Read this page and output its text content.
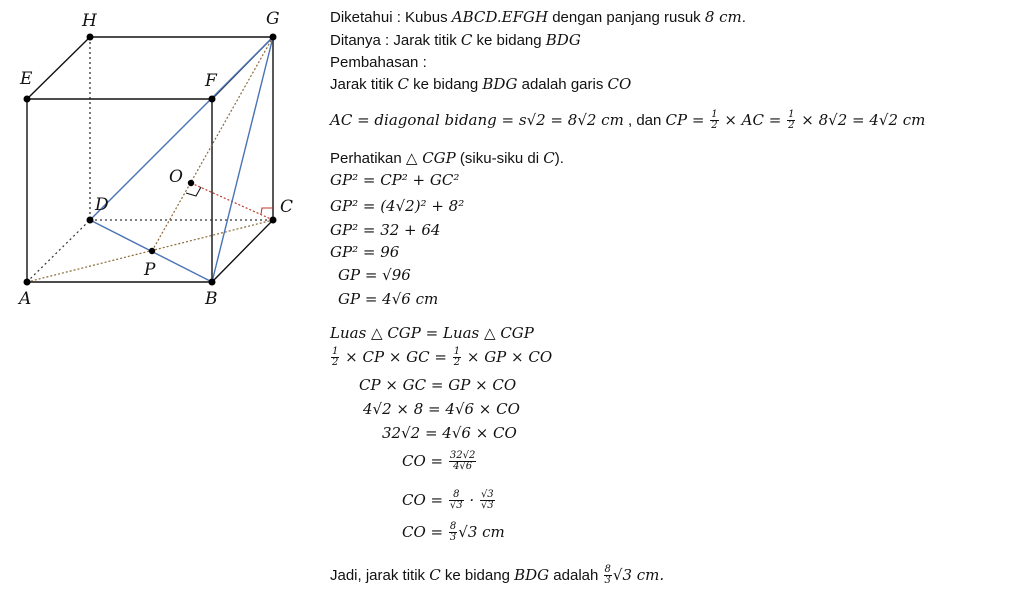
H	G
E	F
O
D	C
P
A	B
Diketahui : Kubus ABCD.EFGH dengan panjang rusuk 8 cm.
Ditanya : Jarak titik C ke bidang BDG
Pembahasan :
Jarak titik C ke bidang BDG adalah garis CO
AC = diagonal bidang = s√2 = 8√2 cm , dan CP = $\frac{1}{2}$ × AC = $\frac{1}{2} \times 8√2 = 4√2$ cm
Perhatikan △ CGP (siku-siku di C).
GP² = CP² + GC²
GP² = (4√2)² + 8²
GP² = 32 + 64
GP² = 96
GP = √96
GP = 4√6 cm
Luas △ CGP = Luas △ CGP
$\frac{1}{2}$ × CP × GC = $\frac{1}{2}$ × GP × CO
CP × GC = GP × CO
4√2 × 8 = 4√6 × CO
32√2 = 4√6 × CO
CO = $\frac{32√2}{4√6}$
CO = $\frac{8}{√3} \cdot \frac{√3}{√3}$
CO = $\frac{8}{3} √3$ cm
Jadi, jarak titik C ke bidang BDG adalah $\frac{8}{3} √3$ cm.
